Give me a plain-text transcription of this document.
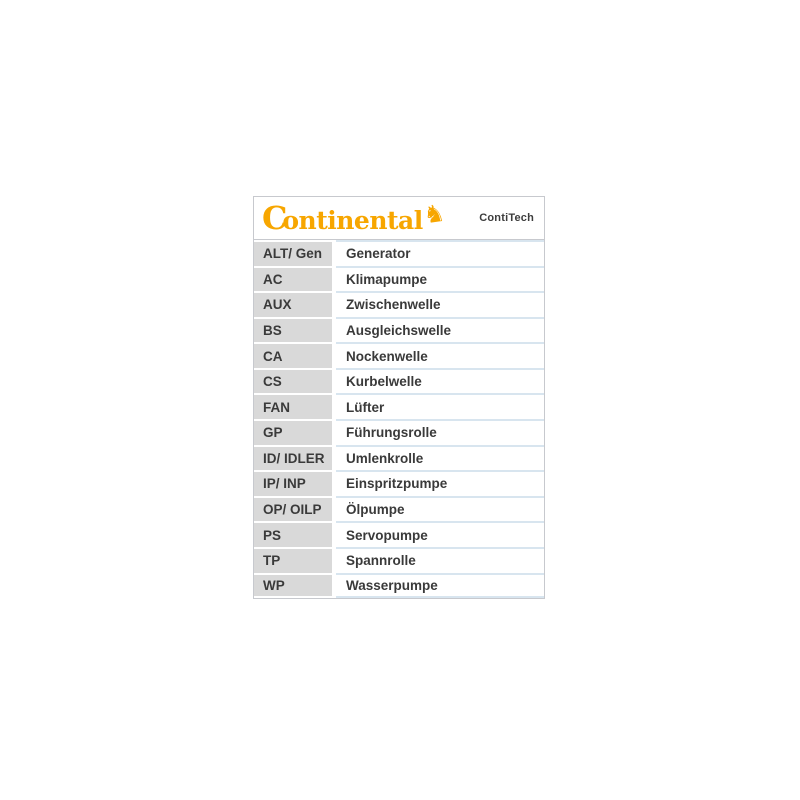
Continental
♞	ContiTech
ALT/ Gen	Generator
AC	Klimapumpe
AUX	Zwischenwelle
BS	Ausgleichswelle
CA	Nockenwelle
CS	Kurbelwelle
FAN	Lüfter
GP	Führungsrolle
ID/ IDLER	Umlenkrolle
IP/ INP	Einspritzpumpe
OP/ OILP	Ölpumpe
PS	Servopumpe
TP	Spannrolle
WP	Wasserpumpe
